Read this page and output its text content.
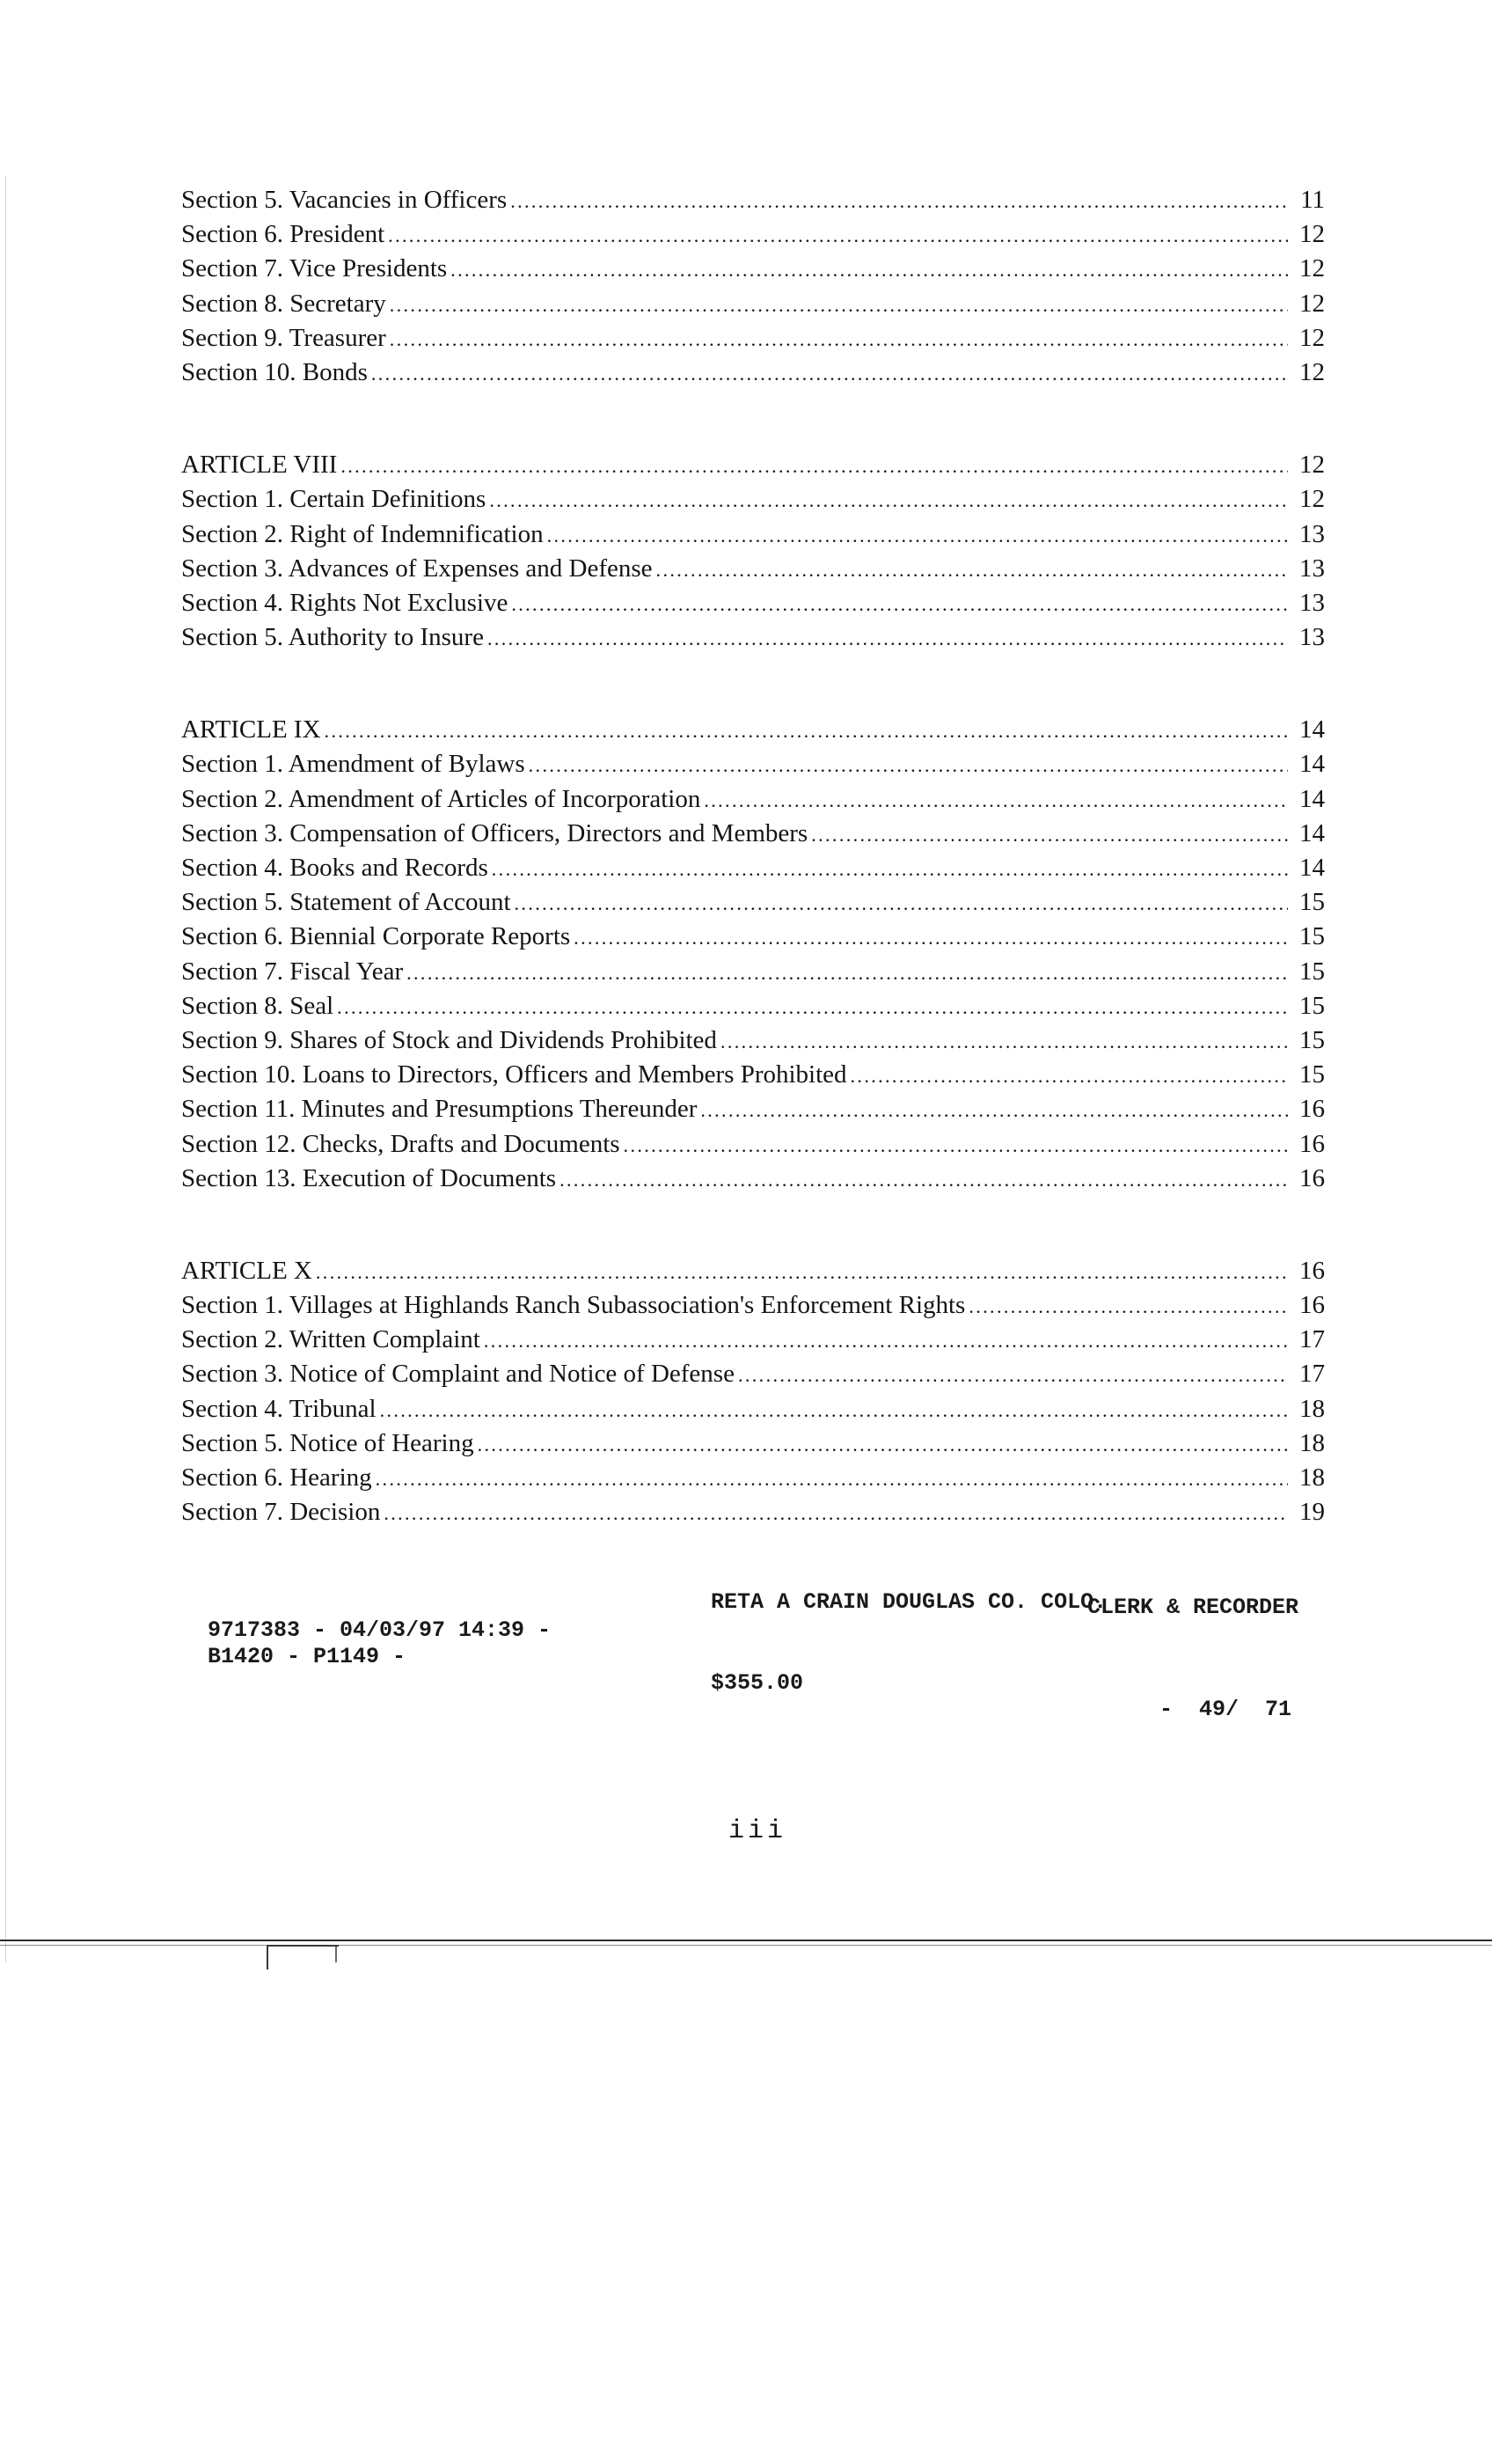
Section 5. Vacancies in Officers .....	11
Section 6. President .....	12
Section 7. Vice Presidents .....	12
Section 8. Secretary .....	12
Section 9. Treasurer .....	12
Section 10. Bonds .....	12
ARTICLE VIII .....	12
Section 1. Certain Definitions .....	12
Section 2. Right of Indemnification .....	13
Section 3. Advances of Expenses and Defense .....	13
Section 4. Rights Not Exclusive .....	13
Section 5. Authority to Insure .....	13
ARTICLE IX .....	14
Section 1. Amendment of Bylaws .....	14
Section 2. Amendment of Articles of Incorporation .....	14
Section 3. Compensation of Officers, Directors and Members .....	14
Section 4. Books and Records .....	14
Section 5. Statement of Account .....	15
Section 6. Biennial Corporate Reports .....	15
Section 7. Fiscal Year .....	15
Section 8. Seal .....	15
Section 9. Shares of Stock and Dividends Prohibited .....	15
Section 10. Loans to Directors, Officers and Members Prohibited .....	15
Section 11. Minutes and Presumptions Thereunder .....	16
Section 12. Checks, Drafts and Documents .....	16
Section 13. Execution of Documents .....	16
ARTICLE X .....	16
Section 1. Villages at Highlands Ranch Subassociation's Enforcement Rights .....	16
Section 2. Written Complaint .....	17
Section 3. Notice of Complaint and Notice of Defense .....	17
Section 4. Tribunal .....	18
Section 5. Notice of Hearing .....	18
Section 6. Hearing .....	18
Section 7. Decision .....	19

9717383 - 04/03/97 14:39 -

RETA A CRAIN DOUGLAS CO. COLO.

CLERK & RECORDER

B1420 - P1149 -

$355.00

-  49/  71

iii
